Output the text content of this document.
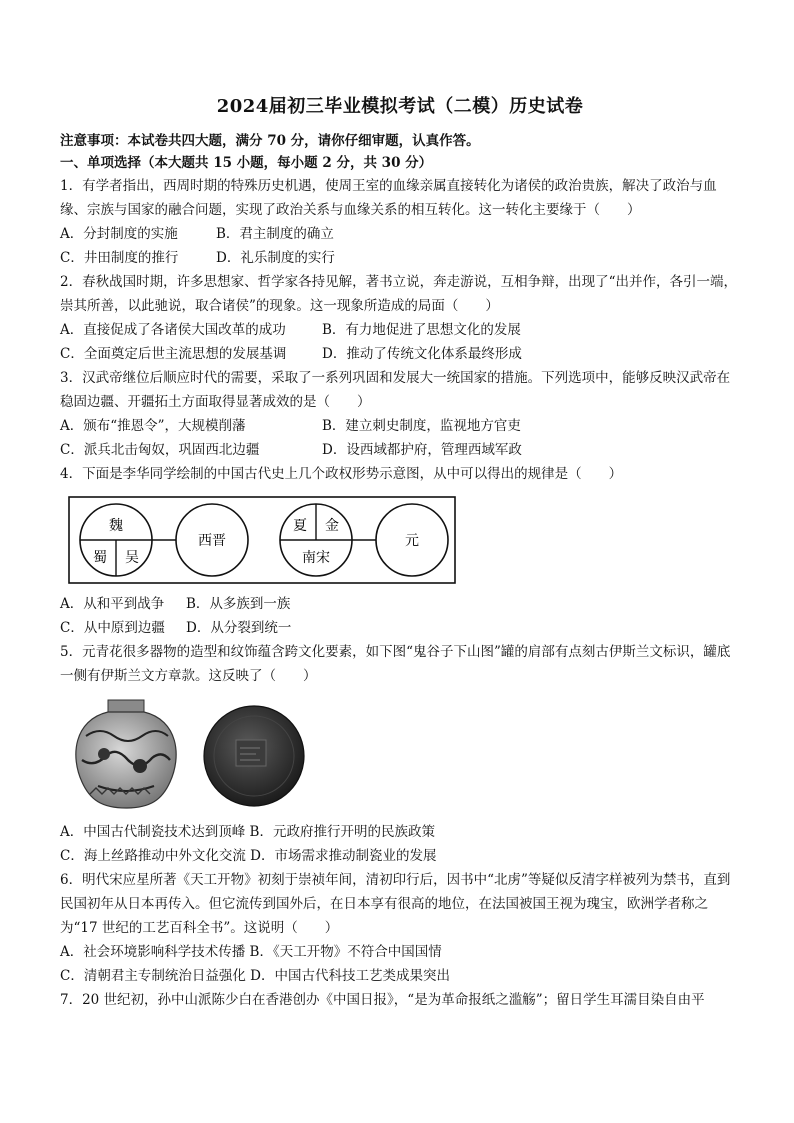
2024届初三毕业模拟考试（二模）历史试卷
注意事项：本试卷共四大题，满分 70 分，请你仔细审题，认真作答。
一、单项选择（本大题共 15 小题，每小题 2 分，共 30 分）

1．有学者指出，西周时期的特殊历史机遇，使周王室的血缘亲属直接转化为诸侯的政治贵族，解决了政治与血缘、宗族与国家的融合问题，实现了政治关系与血缘关系的相互转化。这一转化主要缘于（　　）

A．分封制度的实施	B．君主制度的确立
C．井田制度的推行	D．礼乐制度的实行

2．春秋战国时期，许多思想家、哲学家各持见解，著书立说，奔走游说，互相争辩，出现了“出并作，各引一端，崇其所善，以此驰说，取合诸侯”的现象。这一现象所造成的局面（　　）

A．直接促成了各诸侯大国改革的成功	B．有力地促进了思想文化的发展
C．全面奠定后世主流思想的发展基调	D．推动了传统文化体系最终形成

3．汉武帝继位后顺应时代的需要，采取了一系列巩固和发展大一统国家的措施。下列选项中，能够反映汉武帝在稳固边疆、开疆拓土方面取得显著成效的是（　　）

A．颁布“推恩令”，大规模削藩	B．建立刺史制度，监视地方官吏
C．派兵北击匈奴，巩固西北边疆	D．设西域都护府，管理西域军政

4．下面是李华同学绘制的中国古代史上几个政权形势示意图，从中可以得出的规律是（　　）

魏
蜀 吴
西晋
夏 金
南宋
元
A．从和平到战争 B．从多族到一族
C．从中原到边疆 D．从分裂到统一

5．元青花很多器物的造型和纹饰蕴含跨文化要素，如下图“鬼谷子下山图”罐的肩部有点刻古伊斯兰文标识，罐底一侧有伊斯兰文方章款。这反映了（　　）

A．中国古代制瓷技术达到顶峰 B．元政府推行开明的民族政策
C．海上丝路推动中外文化交流 D．市场需求推动制瓷业的发展

6．明代宋应星所著《天工开物》初刻于崇祯年间，清初印行后，因书中“北虏”等疑似反清字样被列为禁书，直到民国初年从日本再传入。但它流传到国外后，在日本享有很高的地位，在法国被国王视为瑰宝，欧洲学者称之为“17 世纪的工艺百科全书”。这说明（　　）

A．社会环境影响科学技术传播 B．《天工开物》不符合中国国情
C．清朝君主专制统治日益强化 D．中国古代科技工艺类成果突出

7．20 世纪初，孙中山派陈少白在香港创办《中国日报》，“是为革命报纸之滥觞”；留日学生耳濡目染自由平
